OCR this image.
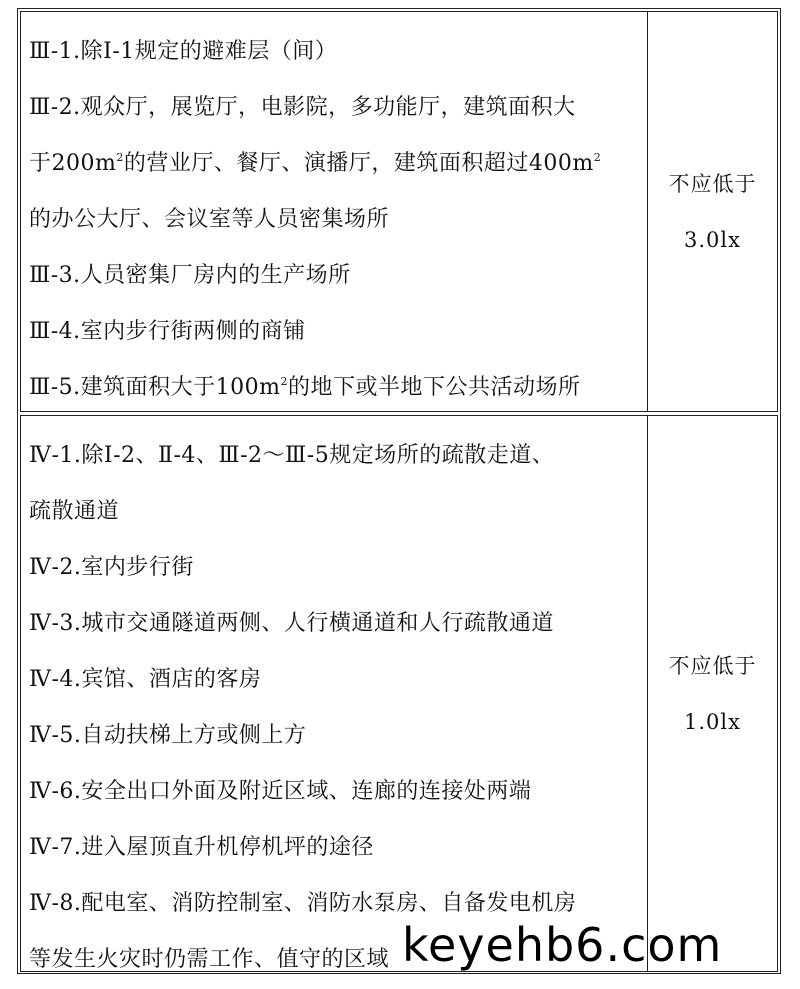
Ⅲ-1.除Ⅰ-1规定的避难层（间）
Ⅲ-2.观众厅，展览厅，电影院，多功能厅，建筑面积大
于$200m^2$的营业厅、餐厅、演播厅，建筑面积超过$400m^2$
的办公大厅、会议室等人员密集场所
Ⅲ-3.人员密集厂房内的生产场所
Ⅲ-4.室内步行街两侧的商铺
Ⅲ-5.建筑面积大于$100m^2$的地下或半地下公共活动场所
不应低于
3.0lx
Ⅳ-1.除Ⅰ-2、Ⅱ-4、Ⅲ-2～Ⅲ-5规定场所的疏散走道、
疏散通道
Ⅳ-2.室内步行街
Ⅳ-3.城市交通隧道两侧、人行横通道和人行疏散通道
Ⅳ-4.宾馆、酒店的客房
Ⅳ-5.自动扶梯上方或侧上方
Ⅳ-6.安全出口外面及附近区域、连廊的连接处两端
Ⅳ-7.进入屋顶直升机停机坪的途径
Ⅳ-8.配电室、消防控制室、消防水泵房、自备发电机房
等发生火灾时仍需工作、值守的区域
不应低于
1.0lx
keyehb6.com
